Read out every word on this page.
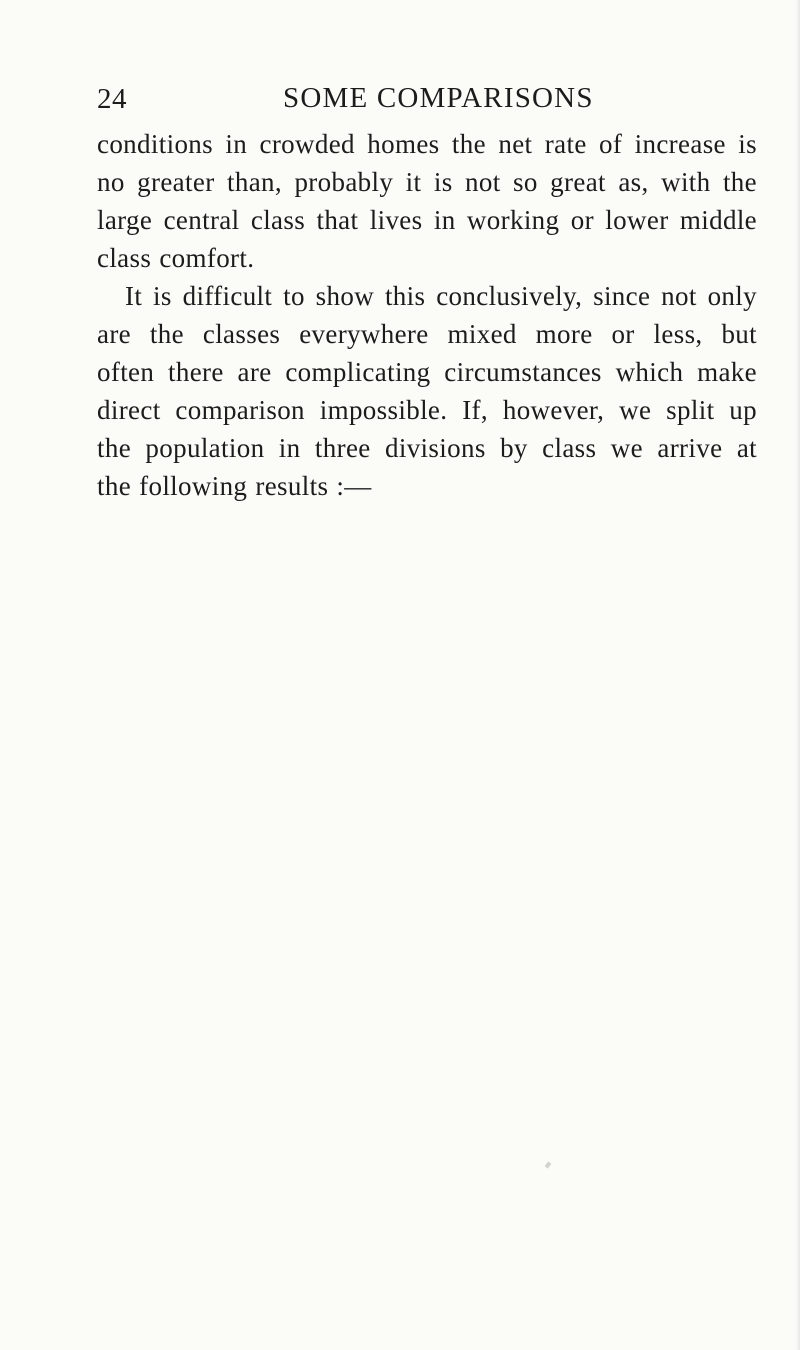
24	SOME COMPARISONS
conditions in crowded homes the net rate of increase is
no greater than, probably it is not so great as, with the
large central class that lives in working or lower middle
class comfort.
It is difficult to show this conclusively, since not only
are the classes everywhere mixed more or less, but
often there are complicating circumstances which make
direct comparison impossible. If, however, we split up
the population in three divisions by class we arrive at
the following results :—
